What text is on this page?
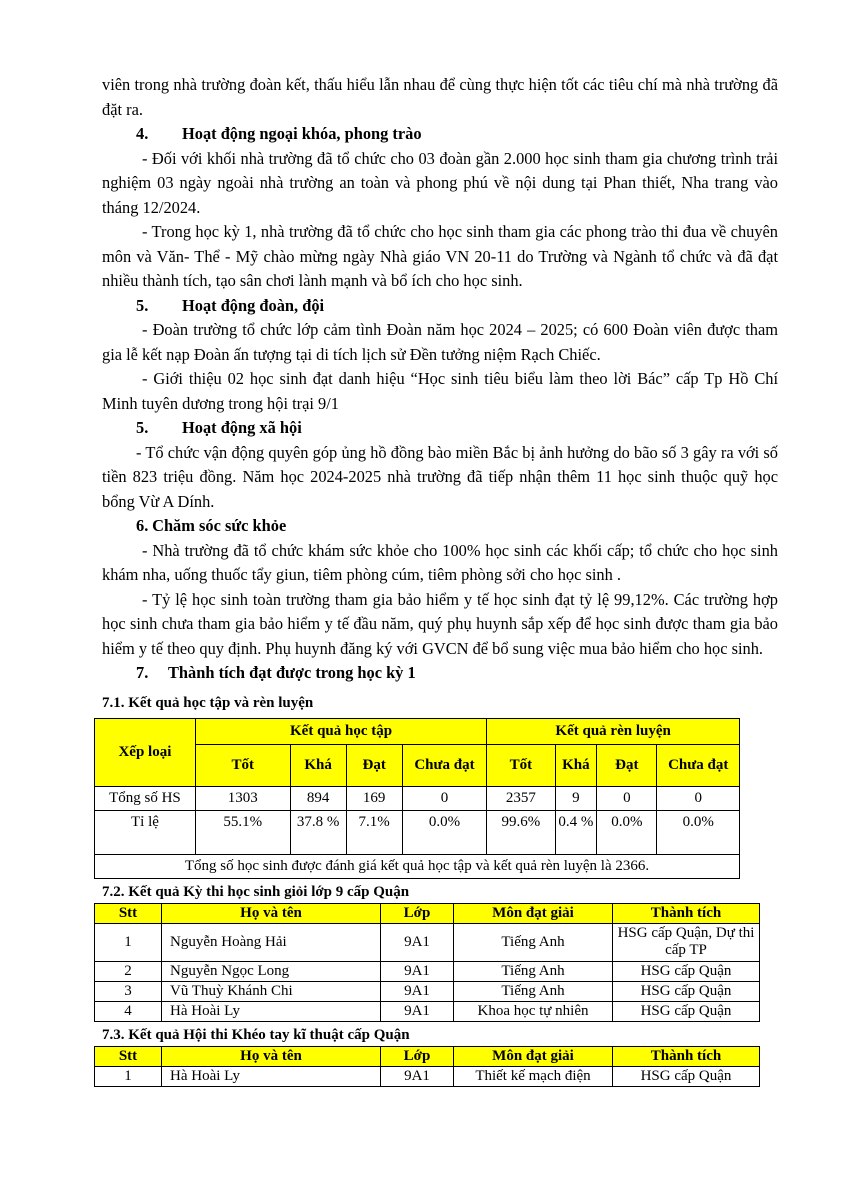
viên trong nhà trường đoàn kết, thấu hiểu lẫn nhau để cùng thực hiện tốt các tiêu chí mà nhà trường đã đặt ra.

4. Hoạt động ngoại khóa, phong trào

- Đối với khối nhà trường đã tổ chức cho 03 đoàn gần 2.000 học sinh tham gia chương trình trải nghiệm 03 ngày ngoài nhà trường an toàn và phong phú về nội dung tại Phan thiết, Nha trang vào tháng 12/2024.

- Trong học kỳ 1, nhà trường đã tổ chức cho học sinh tham gia các phong trào thi đua về chuyên môn và Văn- Thể - Mỹ chào mừng ngày Nhà giáo VN 20-11 do Trường và Ngành tổ chức và đã đạt nhiều thành tích, tạo sân chơi lành mạnh và bổ ích cho học sinh.

5. Hoạt động đoàn, đội

- Đoàn trường tổ chức lớp cảm tình Đoàn năm học 2024 – 2025; có 600 Đoàn viên được tham gia lễ kết nạp Đoàn ấn tượng tại di tích lịch sử Đền tưởng niệm Rạch Chiếc.

- Giới thiệu 02 học sinh đạt danh hiệu “Học sinh tiêu biểu làm theo lời Bác” cấp Tp Hồ Chí Minh tuyên dương trong hội trại 9/1

5. Hoạt động xã hội

- Tổ chức vận động quyên góp ủng hồ đồng bào miền Bắc bị ảnh hưởng do bão số 3 gây ra với số tiền 823 triệu đồng. Năm học 2024-2025 nhà trường đã tiếp nhận thêm 11 học sinh thuộc quỹ học bổng Vừ A Dính.

6. Chăm sóc sức khỏe

- Nhà trường đã tổ chức khám sức khỏe cho 100% học sinh các khối cấp; tổ chức cho học sinh khám nha, uống thuốc tẩy giun, tiêm phòng cúm, tiêm phòng sởi cho học sinh .

- Tỷ lệ học sinh toàn trường tham gia bảo hiểm y tế học sinh đạt tỷ lệ 99,12%. Các trường hợp học sinh chưa tham gia bảo hiểm y tế đầu năm, quý phụ huynh sắp xếp để học sinh được tham gia bảo hiểm y tế theo quy định. Phụ huynh đăng ký với GVCN để bổ sung việc mua bảo hiểm cho học sinh.

7. Thành tích đạt được trong học kỳ 1
7.1. Kết quả học tập và rèn luyện
Xếp loại	Kết quả học tập				Kết quả rèn luyện			
	Tốt	Khá	Đạt	Chưa đạt	Tốt	Khá	Đạt	Chưa đạt
Tổng số HS	1303	894	169	0	2357	9	0	0
Tỉ lệ	55.1%	37.8 %	7.1%	0.0%	99.6%	0.4 %	0.0%	0.0%
Tổng số học sinh được đánh giá kết quả học tập và kết quả rèn luyện là 2366.								
7.2. Kết quả Kỳ thi học sinh giỏi lớp 9 cấp Quận
Stt	Họ và tên	Lớp	Môn đạt giải	Thành tích
1	Nguyễn Hoàng Hải	9A1	Tiếng Anh	HSG cấp Quận, Dự thi cấp TP
2	Nguyễn Ngọc Long	9A1	Tiếng Anh	HSG cấp Quận
3	Vũ Thuỳ Khánh Chi	9A1	Tiếng Anh	HSG cấp Quận
4	Hà Hoài Ly	9A1	Khoa học tự nhiên	HSG cấp Quận
7.3. Kết quả Hội thi Khéo tay kĩ thuật cấp Quận
Stt	Họ và tên	Lớp	Môn đạt giải	Thành tích
1	Hà Hoài Ly	9A1	Thiết kế mạch điện	HSG cấp Quận
